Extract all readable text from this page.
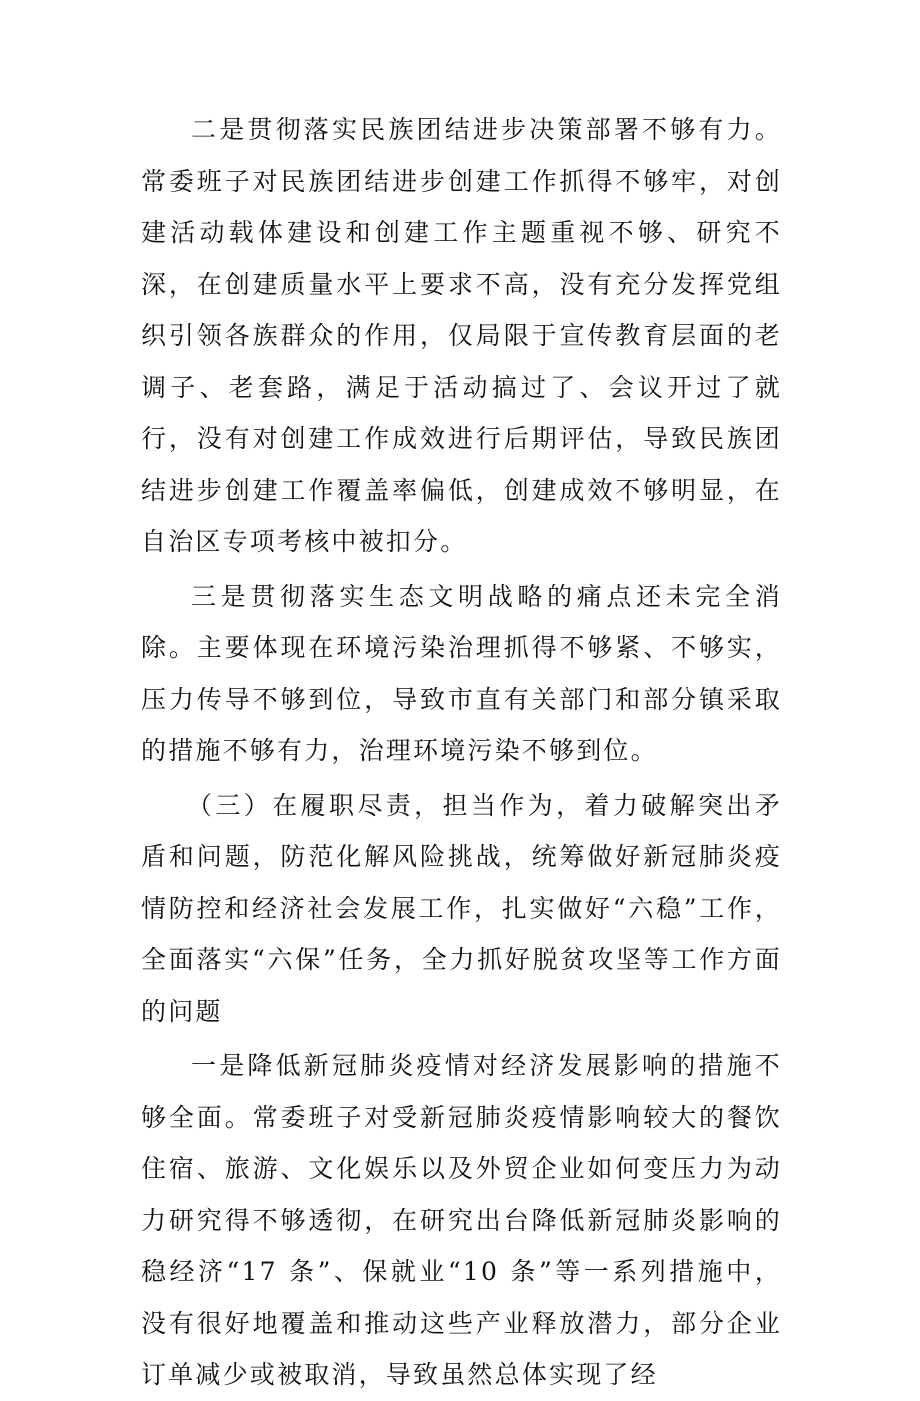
二是贯彻落实民族团结进步决策部署不够有力。常委班子对民族团结进步创建工作抓得不够牢，对创建活动载体建设和创建工作主题重视不够、研究不深，在创建质量水平上要求不高，没有充分发挥党组织引领各族群众的作用，仅局限于宣传教育层面的老调子、老套路，满足于活动搞过了、会议开过了就行，没有对创建工作成效进行后期评估，导致民族团结进步创建工作覆盖率偏低，创建成效不够明显，在自治区专项考核中被扣分。

三是贯彻落实生态文明战略的痛点还未完全消除。主要体现在环境污染治理抓得不够紧、不够实，压力传导不够到位，导致市直有关部门和部分镇采取的措施不够有力，治理环境污染不够到位。

（三）在履职尽责，担当作为，着力破解突出矛盾和问题，防范化解风险挑战，统筹做好新冠肺炎疫情防控和经济社会发展工作，扎实做好“六稳”工作，全面落实“六保”任务，全力抓好脱贫攻坚等工作方面的问题

一是降低新冠肺炎疫情对经济发展影响的措施不够全面。常委班子对受新冠肺炎疫情影响较大的餐饮住宿、旅游、文化娱乐以及外贸企业如何变压力为动力研究得不够透彻，在研究出台降低新冠肺炎影响的稳经济“17 条”、保就业“10 条”等一系列措施中，没有很好地覆盖和推动这些产业释放潜力，部分企业订单减少或被取消，导致虽然总体实现了经
